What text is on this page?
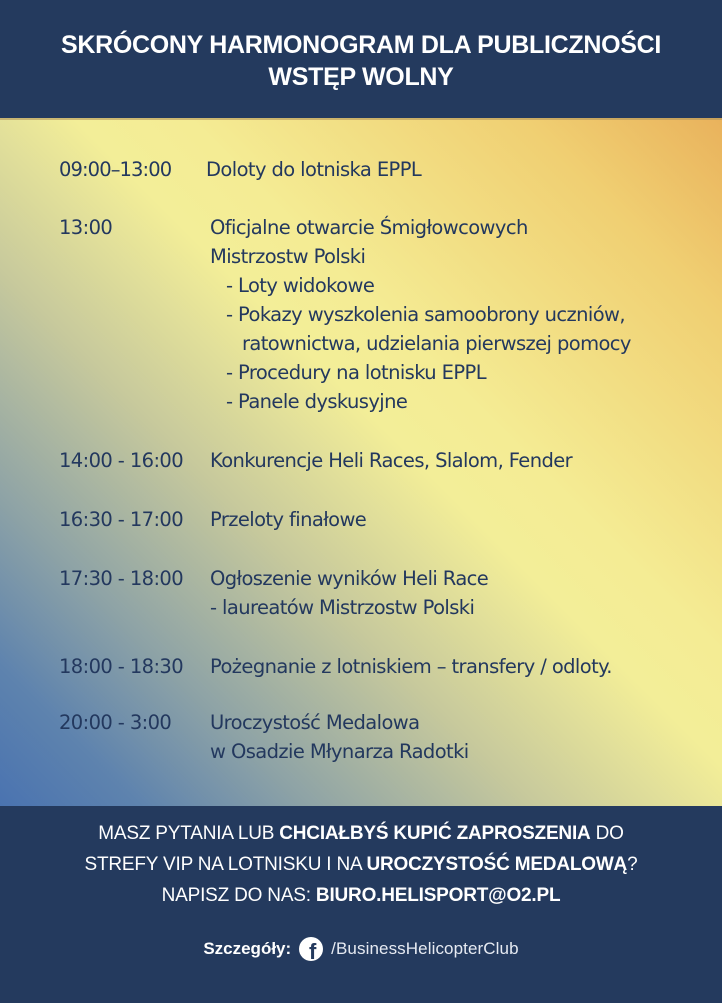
SKRÓCONY HARMONOGRAM DLA PUBLICZNOŚCI
WSTĘP WOLNY
09:00–13:00 Doloty do lotniska EPPL
13:00	Oficjalne otwarcie Śmigłowcowych
Mistrzostw Polski
- Loty widokowe
- Pokazy wyszkolenia samoobrony uczniów,
ratownictwa, udzielania pierwszej pomocy
- Procedury na lotnisku EPPL
- Panele dyskusyjne
14:00 - 16:00 Konkurencje Heli Races, Slalom, Fender
16:30 - 17:00 Przeloty finałowe
17:30 - 18:00 Ogłoszenie wyników Heli Race
- laureatów Mistrzostw Polski
18:00 - 18:30 Pożegnanie z lotniskiem – transfery / odloty.
20:00 - 3:00 Uroczystość Medalowa
w Osadzie Młynarza Radotki
MASZ PYTANIA LUB CHCIAŁBYŚ KUPIĆ ZAPROSZENIA DO
STREFY VIP NA LOTNISKU I NA UROCZYSTOŚĆ MEDALOWĄ?
NAPISZ DO NAS: BIURO.HELISPORT@O2.PL
Szczegóły: f /BusinessHelicopterClub
